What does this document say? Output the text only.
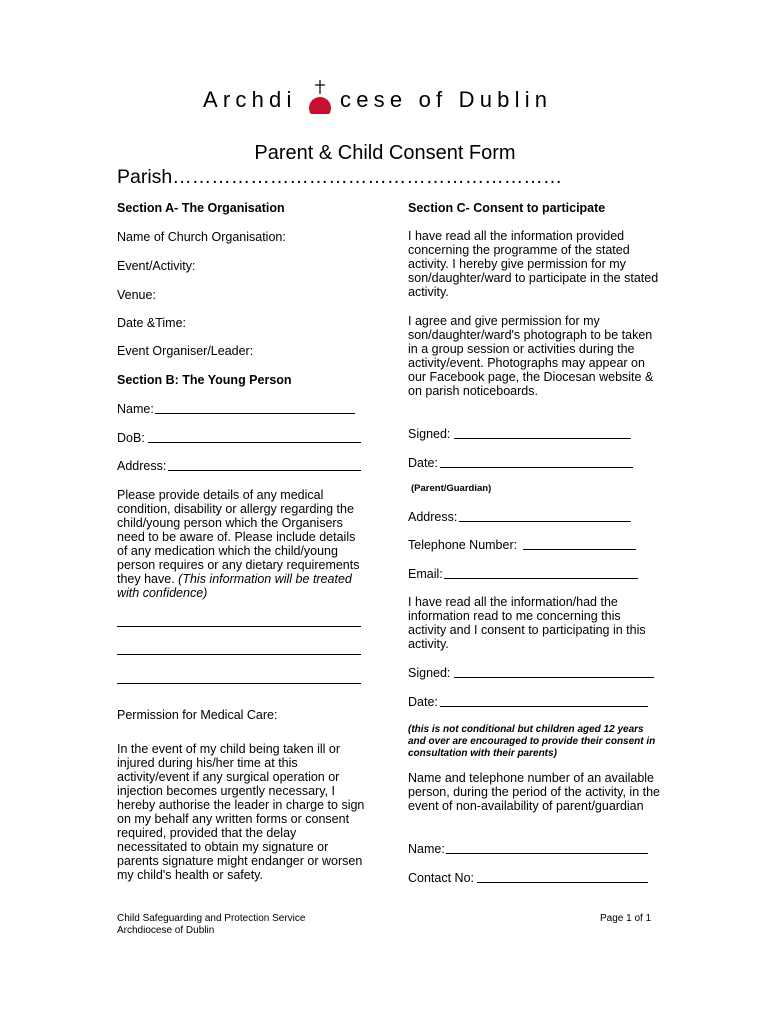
Archdi cese of Dublin
Parent & Child Consent Form
Parish……………………………………………………
Section A- The Organisation
Name of Church Organisation:
Event/Activity:
Venue:
Date &Time:
Event Organiser/Leader:
Section B: The Young Person
Name:
DoB:
Address:
Please provide details of any medical condition, disability or allergy regarding the child/young person which the Organisers need to be aware of. Please include details of any medication which the child/young person requires or any dietary requirements they have. (This information will be treated with confidence)
Permission for Medical Care:
In the event of my child being taken ill or injured during his/her time at this activity/event if any surgical operation or injection becomes urgently necessary, I hereby authorise the leader in charge to sign on my behalf any written forms or consent required, provided that the delay necessitated to obtain my signature or parents signature might endanger or worsen my child's health or safety.
Section C- Consent to participate
I have read all the information provided concerning the programme of the stated activity. I hereby give permission for my son/daughter/ward to participate in the stated activity.
I agree and give permission for my son/daughter/ward's photograph to be taken in a group session or activities during the activity/event. Photographs may appear on our Facebook page, the Diocesan website & on parish noticeboards.
Signed:
Date:
(Parent/Guardian)
Address:
Telephone Number:
Email:
I have read all the information/had the information read to me concerning this activity and I consent to participating in this activity.
Signed:
Date:
(this is not conditional but children aged 12 years and over are encouraged to provide their consent in consultation with their parents)
Name and telephone number of an available person, during the period of the activity, in the event of non-availability of parent/guardian
Name:
Contact No:
Child Safeguarding and Protection Service
Archdiocese of Dublin
Page 1 of 1
